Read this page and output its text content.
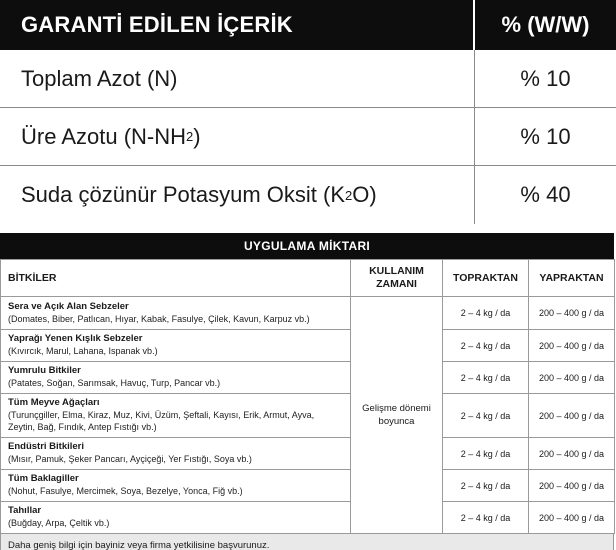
GARANTİ EDİLEN İÇERİK	% (W/W)
Toplam Azot (N)	% 10
Üre Azotu (N-NH 2 )	% 10
Suda çözünür Potasyum Oksit (K 2 O)	% 40
UYGULAMA MİKTARI
BİTKİLER	KULLANIM ZAMANI	TOPRAKTAN	YAPRAKTAN

Sera ve Açık Alan Sebzeler
(Domates, Biber, Patlıcan, Hıyar, Kabak, Fasulye, Çilek, Kavun, Karpuz vb.)	Gelişme dönemi boyunca	2 – 4 kg / da	200 – 400 g / da

Yaprağı Yenen Kışlık Sebzeler
(Kıvırcık, Marul, Lahana, Ispanak vb.)		2 – 4 kg / da	200 – 400 g / da

Yumrulu Bitkiler
(Patates, Soğan, Sarımsak, Havuç, Turp, Pancar vb.)		2 – 4 kg / da	200 – 400 g / da

Tüm Meyve Ağaçları
(Turunçgiller, Elma, Kiraz, Muz, Kivi, Üzüm, Şeftali, Kayısı, Erik, Armut, Ayva, Zeytin, Bağ, Fındık, Antep Fıstığı vb.)		2 – 4 kg / da	200 – 400 g / da

Endüstri Bitkileri
(Mısır, Pamuk, Şeker Pancarı, Ayçiçeği, Yer Fıstığı, Soya vb.)		2 – 4 kg / da	200 – 400 g / da

Tüm Baklagiller
(Nohut, Fasulye, Mercimek, Soya, Bezelye, Yonca, Fiğ vb.)		2 – 4 kg / da	200 – 400 g / da

Tahıllar
(Buğday, Arpa, Çeltik vb.)		2 – 4 kg / da	200 – 400 g / da
Daha geniş bilgi için bayiniz veya firma yetkilisine başvurunuz.
